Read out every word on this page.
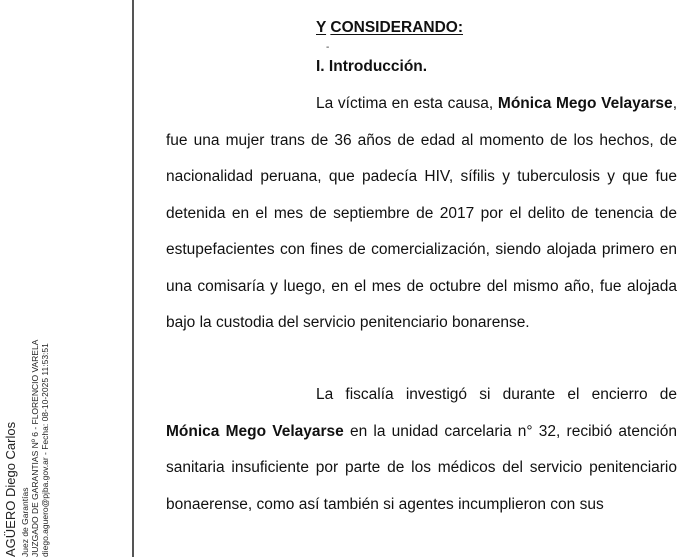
AGÜERO Diego Carlos Juez de Garantías JUZGADO DE GARANTIAS Nº 6 - FLORENCIO VARELA diego.aguero@pjba.gov.ar - Fecha: 08-10-2025 11:53:51
Y CONSIDERANDO:
-
I. Introducción.

La víctima en esta causa, Mónica Mego Velayarse, fue una mujer trans de 36 años de edad al momento de los hechos, de nacionalidad peruana, que padecía HIV, sífilis y tuberculosis y que fue detenida en el mes de septiembre de 2017 por el delito de tenencia de estupefacientes con fines de comercialización, siendo alojada primero en una comisaría y luego, en el mes de octubre del mismo año, fue alojada bajo la custodia del servicio penitenciario bonarense.

La fiscalía investigó si durante el encierro de Mónica Mego Velayarse en la unidad carcelaria n° 32, recibió atención sanitaria insuficiente por parte de los médicos del servicio penitenciario bonaerense, como así también si agentes incumplieron con sus
